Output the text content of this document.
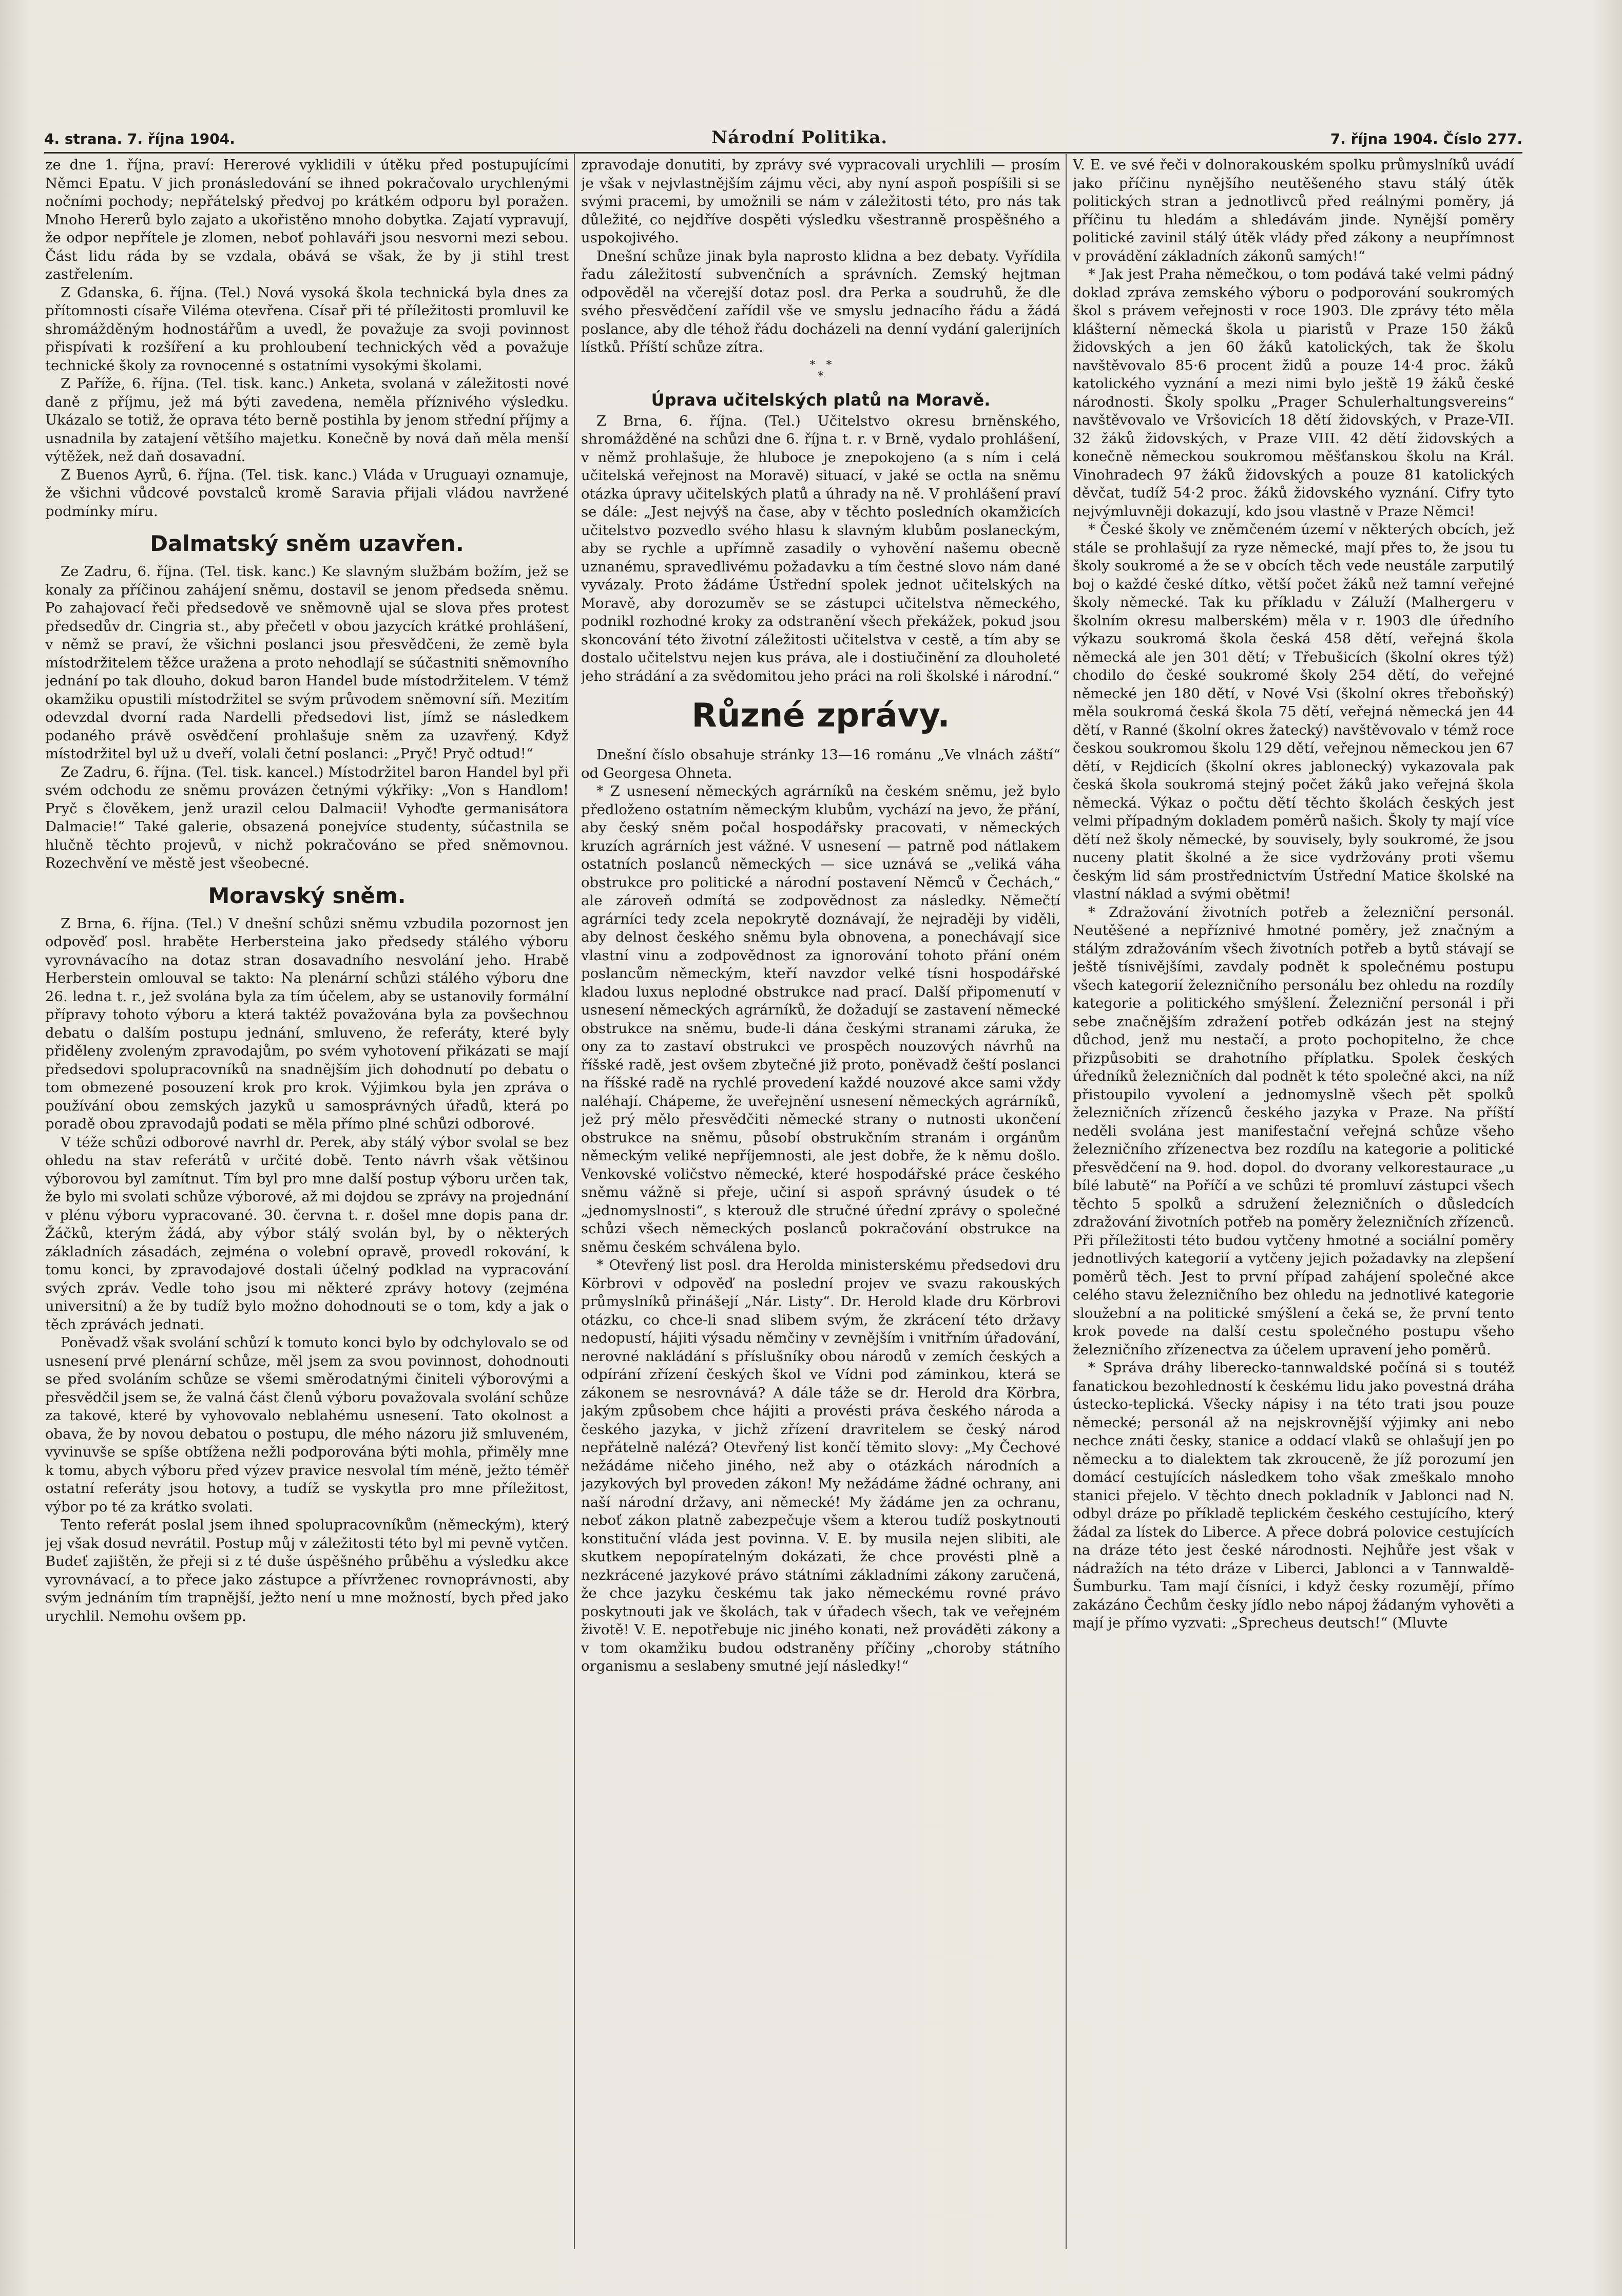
4. strana. 7. října 1904.	Národní Politika.	7. října 1904. Číslo 277.

ze dne 1. října, praví: Hererové vyklidili v útěku před postupujícími Němci Epatu. V jich pronásledování se ihned pokračovalo urychlenými nočními pochody; nepřátelský předvoj po krátkém odporu byl poražen. Mnoho Hererů bylo zajato a ukořistěno mnoho dobytka. Zajatí vypravují, že odpor nepřítele je zlomen, neboť pohlaváři jsou nesvorni mezi sebou. Část lidu ráda by se vzdala, obává se však, že by ji stihl trest zastřelením.

Z Gdanska, 6. října. (Tel.) Nová vysoká škola technická byla dnes za přítomnosti císaře Viléma otevřena. Císař při té příležitosti promluvil ke shromážděným hodnostářům a uvedl, že považuje za svoji povinnost přispívati k rozšíření a ku prohloubení technických věd a považuje technické školy za rovnocenné s ostatními vysokými školami.

Z Paříže, 6. října. (Tel. tisk. kanc.) Anketa, svolaná v záležitosti nové daně z příjmu, jež má býti zavedena, neměla příznivého výsledku. Ukázalo se totiž, že oprava této berně postihla by jenom střední příjmy a usnadnila by zatajení většího majetku. Konečně by nová daň měla menší výtěžek, než daň dosavadní.

Z Buenos Ayrů, 6. října. (Tel. tisk. kanc.) Vláda v Uruguayi oznamuje, že všichni vůdcové povstalců kromě Saravia přijali vládou navržené podmínky míru.

Dalmatský sněm uzavřen.

Ze Zadru, 6. října. (Tel. tisk. kanc.) Ke slavným službám božím, jež se konaly za příčinou zahájení sněmu, dostavil se jenom předseda sněmu. Po zahajovací řeči předsedově ve sněmovně ujal se slova přes protest předsedův dr. Cingria st., aby přečetl v obou jazycích krátké prohlášení, v němž se praví, že všichni poslanci jsou přesvědčeni, že země byla místodržitelem těžce uražena a proto nehodlají se súčastniti sněmovního jednání po tak dlouho, dokud baron Handel bude místodržitelem. V témž okamžiku opustili místodržitel se svým průvodem sněmovní síň. Mezitím odevzdal dvorní rada Nardelli předsedovi list, jímž se následkem podaného právě osvědčení prohlašuje sněm za uzavřený. Když místodržitel byl už u dveří, volali četní poslanci: „Pryč! Pryč odtud!“

Ze Zadru, 6. října. (Tel. tisk. kancel.) Místodržitel baron Handel byl při svém odchodu ze sněmu provázen četnými výkřiky: „Von s Handlom! Pryč s člověkem, jenž urazil celou Dalmacii! Vyhoďte germanisátora Dalmacie!“ Také galerie, obsazená ponejvíce studenty, súčastnila se hlučně těchto projevů, v nichž pokračováno se před sněmovnou. Rozechvění ve městě jest všeobecné.

Moravský sněm.

Z Brna, 6. října. (Tel.) V dnešní schůzi sněmu vzbudila pozornost jen odpověď posl. hraběte Herbersteina jako předsedy stálého výboru vyrovnávacího na dotaz stran dosavadního nesvolání jeho. Hrabě Herberstein omlouval se takto: Na plenární schůzi stálého výboru dne 26. ledna t. r., jež svolána byla za tím účelem, aby se ustanovily formální přípravy tohoto výboru a která taktéž považována byla za povšechnou debatu o dalším postupu jednání, smluveno, že referáty, které byly přiděleny zvoleným zpravodajům, po svém vyhotovení přikázati se mají předsedovi spolupracovníků na snadnějším jich dohodnutí po debatu o tom obmezené posouzení krok pro krok. Výjimkou byla jen zpráva o používání obou zemských jazyků u samosprávných úřadů, která po poradě obou zpravodajů podati se měla přímo plné schůzi odborové.

V téže schůzi odborové navrhl dr. Perek, aby stálý výbor svolal se bez ohledu na stav referátů v určité době. Tento návrh však většinou výborovou byl zamítnut. Tím byl pro mne další postup výboru určen tak, že bylo mi svolati schůze výborové, až mi dojdou se zprávy na projednání v plénu výboru vypracované. 30. června t. r. došel mne dopis pana dr. Žáčků, kterým žádá, aby výbor stálý svolán byl, by o některých základních zásadách, zejména o volební opravě, provedl rokování, k tomu konci, by zpravodajové dostali účelný podklad na vypracování svých zpráv. Vedle toho jsou mi některé zprávy hotovy (zejména universitní) a že by tudíž bylo možno dohodnouti se o tom, kdy a jak o těch zprávách jednati.

Poněvadž však svolání schůzí k tomuto konci bylo by odchylovalo se od usnesení prvé plenární schůze, měl jsem za svou povinnost, dohodnouti se před svoláním schůze se všemi směrodatnými činiteli výborovými a přesvědčil jsem se, že valná část členů výboru považovala svolání schůze za takové, které by vyhovovalo neblahému usnesení. Tato okolnost a obava, že by novou debatou o postupu, dle mého názoru již smluveném, vyvinuvše se spíše obtížena nežli podporována býti mohla, přiměly mne k tomu, abych výboru před výzev pravice nesvolal tím méně, ježto téměř ostatní referáty jsou hotovy, a tudíž se vyskytla pro mne příležitost, výbor po té za krátko svolati.

Tento referát poslal jsem ihned spolupracovníkům (německým), který jej však dosud nevrátil. Postup můj v záležitosti této byl mi pevně vytčen. Budeť zajištěn, že přeji si z té duše úspěšného průběhu a výsledku akce vyrovnávací, a to přece jako zástupce a přívrženec rovnoprávnosti, aby svým jednáním tím trapnější, ježto není u mne možností, bych před jako urychlil. Nemohu ovšem pp.

zpravodaje donutiti, by zprávy své vypracovali urychlili — prosím je však v nejvlastnějším zájmu věci, aby nyní aspoň pospíšili si se svými pracemi, by umožnili se nám v záležitosti této, pro nás tak důležité, co nejdříve dospěti výsledku všestranně prospěšného a uspokojivého.

Dnešní schůze jinak byla naprosto klidna a bez debaty. Vyřídila řadu záležitostí subvenčních a správních. Zemský hejtman odpověděl na včerejší dotaz posl. dra Perka a soudruhů, že dle svého přesvědčení zařídil vše ve smyslu jednacího řádu a žádá poslance, aby dle téhož řádu docházeli na denní vydání galerijních lístků. Příští schůze zítra.

*   *
*
Úprava učitelských platů na Moravě.

Z Brna, 6. října. (Tel.) Učitelstvo okresu brněnského, shromážděné na schůzi dne 6. října t. r. v Brně, vydalo prohlášení, v němž prohlašuje, že hluboce je znepokojeno (a s ním i celá učitelská veřejnost na Moravě) situací, v jaké se octla na sněmu otázka úpravy učitelských platů a úhrady na ně. V prohlášení praví se dále: „Jest nejvýš na čase, aby v těchto posledních okamžicích učitelstvo pozvedlo svého hlasu k slavným klubům poslaneckým, aby se rychle a upřímně zasadily o vyhovění našemu obecně uznanému, spravedlivému požadavku a tím čestné slovo nám dané vyvázaly. Proto žádáme Ústřední spolek jednot učitelských na Moravě, aby dorozuměv se se zástupci učitelstva německého, podnikl rozhodné kroky za odstranění všech překážek, pokud jsou skoncování této životní záležitosti učitelstva v cestě, a tím aby se dostalo učitelstvu nejen kus práva, ale i dostiučinění za dlouholeté jeho strádání a za svědomitou jeho práci na roli školské i národní.“

Různé zprávy.

Dnešní číslo obsahuje stránky 13—16 románu „Ve vlnách záští“ od Georgesa Ohneta.

* Z usnesení německých agrárníků na českém sněmu, jež bylo předloženo ostatním německým klubům, vychází na jevo, že přání, aby český sněm počal hospodářsky pracovati, v německých kruzích agrárních jest vážné. V usnesení — patrně pod nátlakem ostatních poslanců německých — sice uznává se „veliká váha obstrukce pro politické a národní postavení Němců v Čechách,“ ale zároveň odmítá se zodpovědnost za následky. Němečtí agrárníci tedy zcela nepokrytě doznávají, že nejraději by viděli, aby delnost českého sněmu byla obnovena, a ponechávají sice vlastní vinu a zodpovědnost za ignorování tohoto přání oném poslancům německým, kteří navzdor velké tísni hospodářské kladou luxus neplodné obstrukce nad prací. Další připomenutí v usnesení německých agrárníků, že dožadují se zastavení německé obstrukce na sněmu, bude-li dána českými stranami záruka, že ony za to zastaví obstrukci ve prospěch nouzových návrhů na říšské radě, jest ovšem zbytečné již proto, poněvadž čeští poslanci na říšské radě na rychlé provedení každé nouzové akce sami vždy naléhají. Chápeme, že uveřejnění usnesení německých agrárníků, jež prý mělo přesvědčiti německé strany o nutnosti ukončení obstrukce na sněmu, působí obstrukčním stranám i orgánům německým veliké nepříjemnosti, ale jest dobře, že k němu došlo. Venkovské voličstvo německé, které hospodářské práce českého sněmu vážně si přeje, učiní si aspoň správný úsudek o té „jednomyslnosti“, s kterouž dle stručné úřední zprávy o společné schůzi všech německých poslanců pokračování obstrukce na sněmu českém schválena bylo.

* Otevřený list posl. dra Herolda ministerskému předsedovi dru Körbrovi v odpověď na poslední projev ve svazu rakouských průmyslníků přinášejí „Nár. Listy“. Dr. Herold klade dru Körbrovi otázku, co chce-li snad slibem svým, že zkrácení této državy nedopustí, hájiti výsadu němčiny v zevnějším i vnitřním úřadování, nerovné nakládání s příslušníky obou národů v zemích českých a odpírání zřízení českých škol ve Vídni pod záminkou, která se zákonem se nesrovnává? A dále táže se dr. Herold dra Körbra, jakým způsobem chce hájiti a provésti práva českého národa a českého jazyka, v jichž zřízení dravritelem se český národ nepřátelně nalézá? Otevřený list končí těmito slovy: „My Čechové nežádáme ničeho jiného, než aby o otázkách národních a jazykových byl proveden zákon! My nežádáme žádné ochrany, ani naší národní državy, ani německé! My žádáme jen za ochranu, neboť zákon platně zabezpečuje všem a kterou tudíž poskytnouti konstituční vláda jest povinna. V. E. by musila nejen slibiti, ale skutkem nepopíratelným dokázati, že chce provésti plně a nezkrácené jazykové právo státními základními zákony zaručená, že chce jazyku českému tak jako německému rovné právo poskytnouti jak ve školách, tak v úřadech všech, tak ve veřejném životě! V. E. nepotřebuje nic jiného konati, než prováděti zákony a v tom okamžiku budou odstraněny příčiny „choroby státního organismu a seslabeny smutné její následky!“

V. E. ve své řeči v dolnorakouském spolku průmyslníků uvádí jako příčinu nynějšího neutěšeného stavu stálý útěk politických stran a jednotlivců před reálnými poměry, já příčinu tu hledám a shledávám jinde. Nynější poměry politické zavinil stálý útěk vlády před zákony a neupřímnost v provádění základních zákonů samých!“

* Jak jest Praha němečkou, o tom podává také velmi pádný doklad zpráva zemského výboru o podporování soukromých škol s právem veřejnosti v roce 1903. Dle zprávy této měla klášterní německá škola u piaristů v Praze 150 žáků židovských a jen 60 žáků katolických, tak že školu navštěvovalo 85·6 procent židů a pouze 14·4 proc. žáků katolického vyznání a mezi nimi bylo ještě 19 žáků české národnosti. Školy spolku „Prager Schulerhaltungsvereins“ navštěvovalo ve Vršovicích 18 dětí židovských, v Praze-VII. 32 žáků židovských, v Praze VIII. 42 dětí židovských a konečně německou soukromou měšťanskou školu na Král. Vinohradech 97 žáků židovských a pouze 81 katolických děvčat, tudíž 54·2 proc. žáků židovského vyznání. Cifry tyto nejvýmluvněji dokazují, kdo jsou vlastně v Praze Němci!

* České školy ve zněmčeném území v některých obcích, jež stále se prohlašují za ryze německé, mají přes to, že jsou tu školy soukromé a že se v obcích těch vede neustále zarputilý boj o každé české dítko, větší počet žáků než tamní veřejné školy německé. Tak ku příkladu v Záluží (Malhergeru v školním okresu malberském) měla v r. 1903 dle úředního výkazu soukromá škola česká 458 dětí, veřejná škola německá ale jen 301 dětí; v Třebušicích (školní okres týž) chodilo do české soukromé školy 254 dětí, do veřejné německé jen 180 dětí, v Nové Vsi (školní okres třeboňský) měla soukromá česká škola 75 dětí, veřejná německá jen 44 dětí, v Ranné (školní okres žatecký) navštěvovalo v témž roce českou soukromou školu 129 dětí, veřejnou německou jen 67 dětí, v Rejdicích (školní okres jablonecký) vykazovala pak česká škola soukromá stejný počet žáků jako veřejná škola německá. Výkaz o počtu dětí těchto školách českých jest velmi případným dokladem poměrů našich. Školy ty mají více dětí než školy německé, by souvisely, byly soukromé, že jsou nuceny platit školné a že sice vydržovány proti všemu českým lid sám prostřednictvím Ústřední Matice školské na vlastní náklad a svými obětmi!

* Zdražování životních potřeb a železniční personál. Neutěšené a nepříznivé hmotné poměry, jež značným a stálým zdražováním všech životních potřeb a bytů stávají se ještě tísnivějšími, zavdaly podnět k společnému postupu všech kategorií železničního personálu bez ohledu na rozdíly kategorie a politického smýšlení. Železniční personál i při sebe značnějším zdražení potřeb odkázán jest na stejný důchod, jenž mu nestačí, a proto pochopitelno, že chce přizpůsobiti se drahotního příplatku. Spolek českých úředníků železničních dal podnět k této společné akci, na níž přistoupilo vyvolení a jednomyslně všech pět spolků železničních zřízenců českého jazyka v Praze. Na příští neděli svolána jest manifestační veřejná schůze všeho železničního zřízenectva bez rozdílu na kategorie a politické přesvědčení na 9. hod. dopol. do dvorany velkorestaurace „u bílé labutě“ na Poříčí a ve schůzi té promluví zástupci všech těchto 5 spolků a sdružení železničních o důsledcích zdražování životních potřeb na poměry železničních zřízenců. Při příležitosti této budou vytčeny hmotné a sociální poměry jednotlivých kategorií a vytčeny jejich požadavky na zlepšení poměrů těch. Jest to první případ zahájení společné akce celého stavu železničního bez ohledu na jednotlivé kategorie sloužební a na politické smýšlení a čeká se, že první tento krok povede na další cestu společného postupu všeho železničního zřízenectva za účelem upravení jeho poměrů.

* Správa dráhy liberecko-tannwaldské počíná si s toutéž fanatickou bezohledností k českému lidu jako povestná dráha ústecko-teplická. Všecky nápisy i na této trati jsou pouze německé; personál až na nejskrovnější výjimky ani nebo nechce znáti česky, stanice a oddací vlaků se ohlašují jen po německu a to dialektem tak zkrouceně, že jíž porozumí jen domácí cestujících následkem toho však zmeškalo mnoho stanici přejelo. V těchto dnech pokladník v Jablonci nad N. odbyl dráze po příkladě teplickém českého cestujícího, který žádal za lístek do Liberce. A přece dobrá polovice cestujících na dráze této jest české národnosti. Nejhůře jest však v nádražích na této dráze v Liberci, Jablonci a v Tannwaldě-Šumburku. Tam mají čísníci, i když česky rozumějí, přímo zakázáno Čechům česky jídlo nebo nápoj žádaným vyhověti a mají je přímo vyzvati: „Sprecheus deutsch!“ (Mluvte
